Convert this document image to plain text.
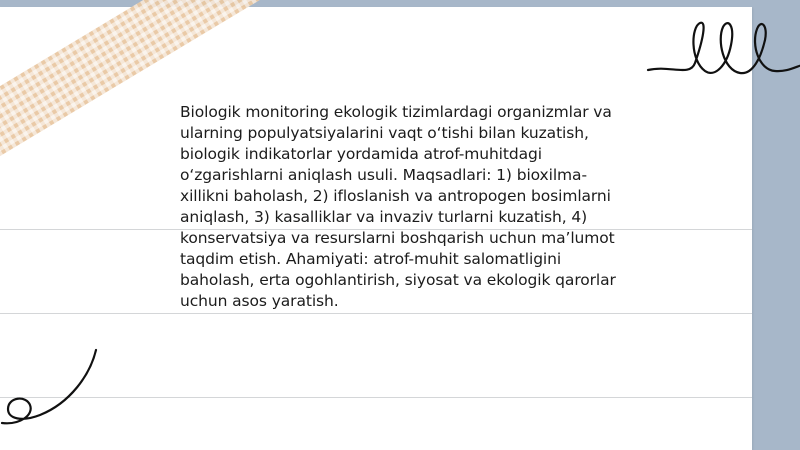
Biologik monitoring ekologik tizimlardagi organizmlar va ularning populyatsiyalarini vaqt o‘tishi bilan kuzatish, biologik indikatorlar yordamida atrof-muhitdagi o‘zgarishlarni aniqlash usuli. Maqsadlari: 1) bioxilma-xillikni baholash, 2) ifloslanish va antropogen bosimlarni aniqlash, 3) kasalliklar va invaziv turlarni kuzatish, 4) konservatsiya va resurslarni boshqarish uchun ma’lumot taqdim etish. Ahamiyati: atrof-muhit salomatligini baholash, erta ogohlantirish, siyosat va ekologik qarorlar uchun asos yaratish.
